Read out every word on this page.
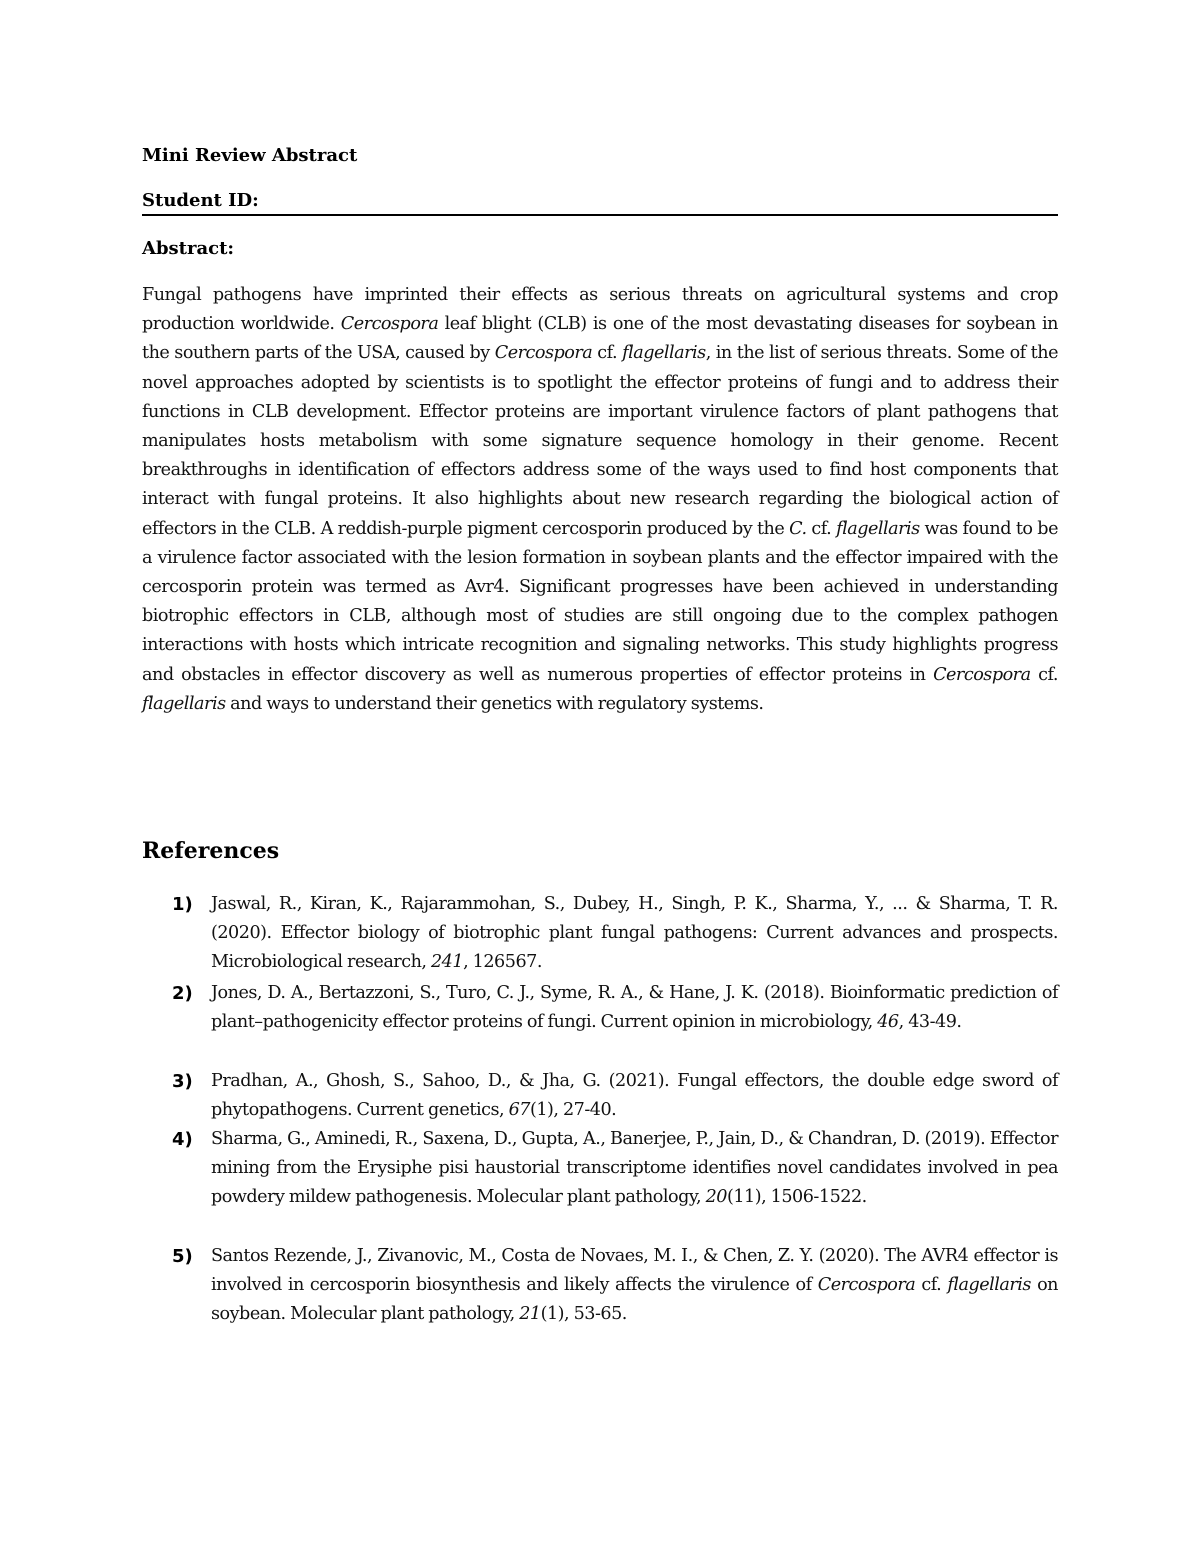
Mini Review Abstract
Student ID:
Abstract:

Fungal pathogens have imprinted their effects as serious threats on agricultural systems and crop production worldwide. Cercospora leaf blight (CLB) is one of the most devastating diseases for soybean in the southern parts of the USA, caused by Cercospora cf. flagellaris, in the list of serious threats. Some of the novel approaches adopted by scientists is to spotlight the effector proteins of fungi and to address their functions in CLB development. Effector proteins are important virulence factors of plant pathogens that manipulates hosts metabolism with some signature sequence homology in their genome. Recent breakthroughs in identification of effectors address some of the ways used to find host components that interact with fungal proteins. It also highlights about new research regarding the biological action of effectors in the CLB. A reddish-purple pigment cercosporin produced by the C. cf. flagellaris was found to be a virulence factor associated with the lesion formation in soybean plants and the effector impaired with the cercosporin protein was termed as Avr4. Significant progresses have been achieved in understanding biotrophic effectors in CLB, although most of studies are still ongoing due to the complex pathogen interactions with hosts which intricate recognition and signaling networks. This study highlights progress and obstacles in effector discovery as well as numerous properties of effector proteins in Cercospora cf. flagellaris and ways to understand their genetics with regulatory systems.

References
1) Jaswal, R., Kiran, K., Rajarammohan, S., Dubey, H., Singh, P. K., Sharma, Y., ... & Sharma, T. R. (2020). Effector biology of biotrophic plant fungal pathogens: Current advances and prospects. Microbiological research, 241, 126567.

2) Jones, D. A., Bertazzoni, S., Turo, C. J., Syme, R. A., & Hane, J. K. (2018). Bioinformatic prediction of plant–pathogenicity effector proteins of fungi. Current opinion in microbiology, 46, 43-49.

3) Pradhan, A., Ghosh, S., Sahoo, D., & Jha, G. (2021). Fungal effectors, the double edge sword of phytopathogens. Current genetics, 67(1), 27-40.

4) Sharma, G., Aminedi, R., Saxena, D., Gupta, A., Banerjee, P., Jain, D., & Chandran, D. (2019). Effector mining from the Erysiphe pisi haustorial transcriptome identifies novel candidates involved in pea powdery mildew pathogenesis. Molecular plant pathology, 20(11), 1506-1522.

5) Santos Rezende, J., Zivanovic, M., Costa de Novaes, M. I., & Chen, Z. Y. (2020). The AVR4 effector is involved in cercosporin biosynthesis and likely affects the virulence of Cercospora cf. flagellaris on soybean. Molecular plant pathology, 21(1), 53-65.
